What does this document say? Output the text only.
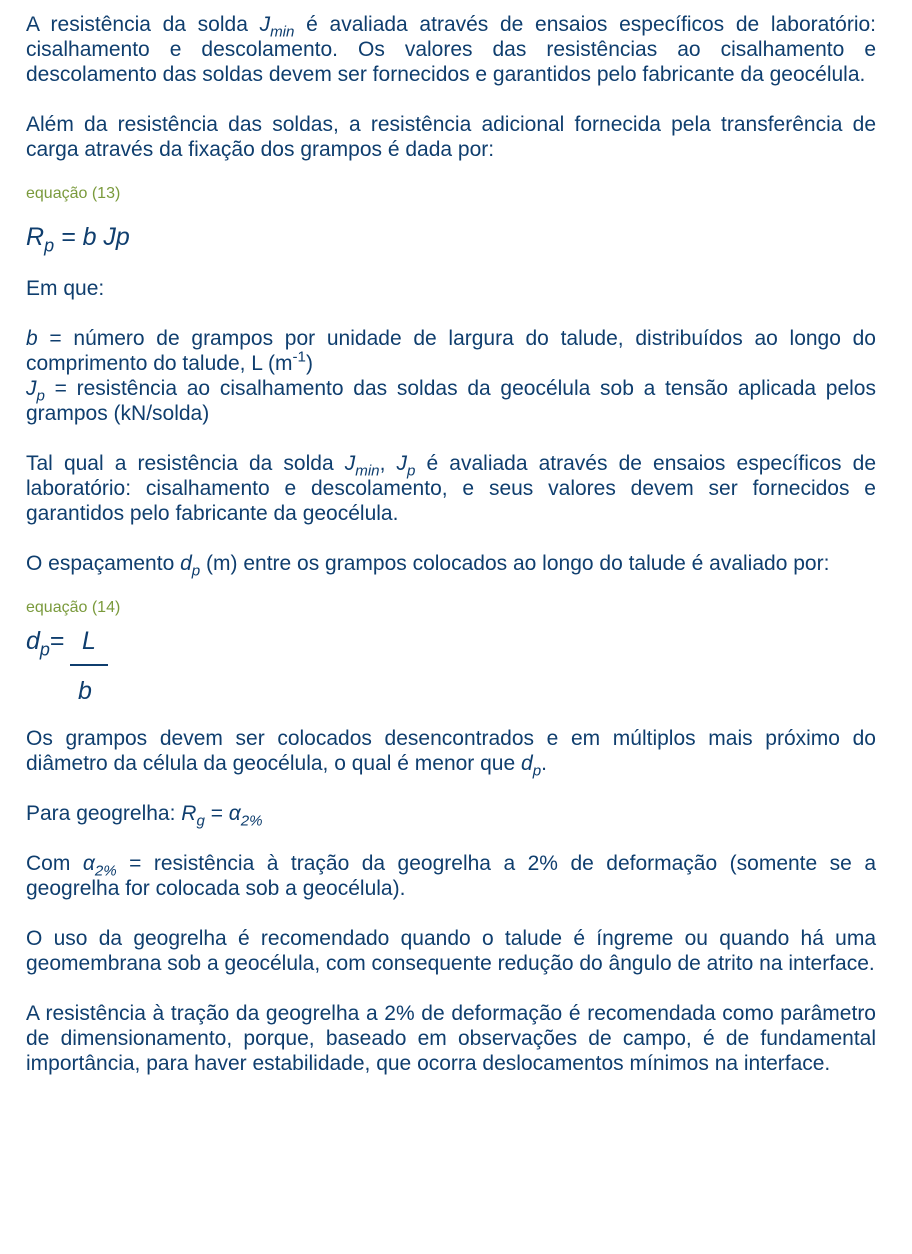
A resistência da solda $J_{min}$ é avaliada através de ensaios específicos de laboratório: cisalhamento e descolamento. Os valores das resistências ao cisalhamento e descolamento das soldas devem ser fornecidos e garantidos pelo fabricante da geocélula.

Além da resistência das soldas, a resistência adicional fornecida pela transferência de carga através da fixação dos grampos é dada por:

equação (13)

$R_p = b$ Jp

Em que:

b = número de grampos por unidade de largura do talude, distribuídos ao longo do comprimento do talude, L $(m^{-1})$

$J_p$ = resistência ao cisalhamento das soldas da geocélula sob a tensão aplicada pelos grampos (kN/solda)

Tal qual a resistência da solda $J_{min}$, $J_p$ é avaliada através de ensaios específicos de laboratório: cisalhamento e descolamento, e seus valores devem ser fornecidos e garantidos pelo fabricante da geocélula.

O espaçamento $d_p$ (m) entre os grampos colocados ao longo do talude é avaliado por:

equação (14)

$d_p= L$
b

Os grampos devem ser colocados desencontrados e em múltiplos mais próximo do diâmetro da célula da geocélula, o qual é menor que $d_p$.

Para geogrelha: $R_g = \alpha_{2\%}$

Com $\alpha_{2\%}$ = resistência à tração da geogrelha a 2% de deformação (somente se a geogrelha for colocada sob a geocélula).

O uso da geogrelha é recomendado quando o talude é íngreme ou quando há uma geomembrana sob a geocélula, com consequente redução do ângulo de atrito na interface.

A resistência à tração da geogrelha a 2% de deformação é recomendada como parâmetro de dimensionamento, porque, baseado em observações de campo, é de fundamental importância, para haver estabilidade, que ocorra deslocamentos mínimos na interface.
